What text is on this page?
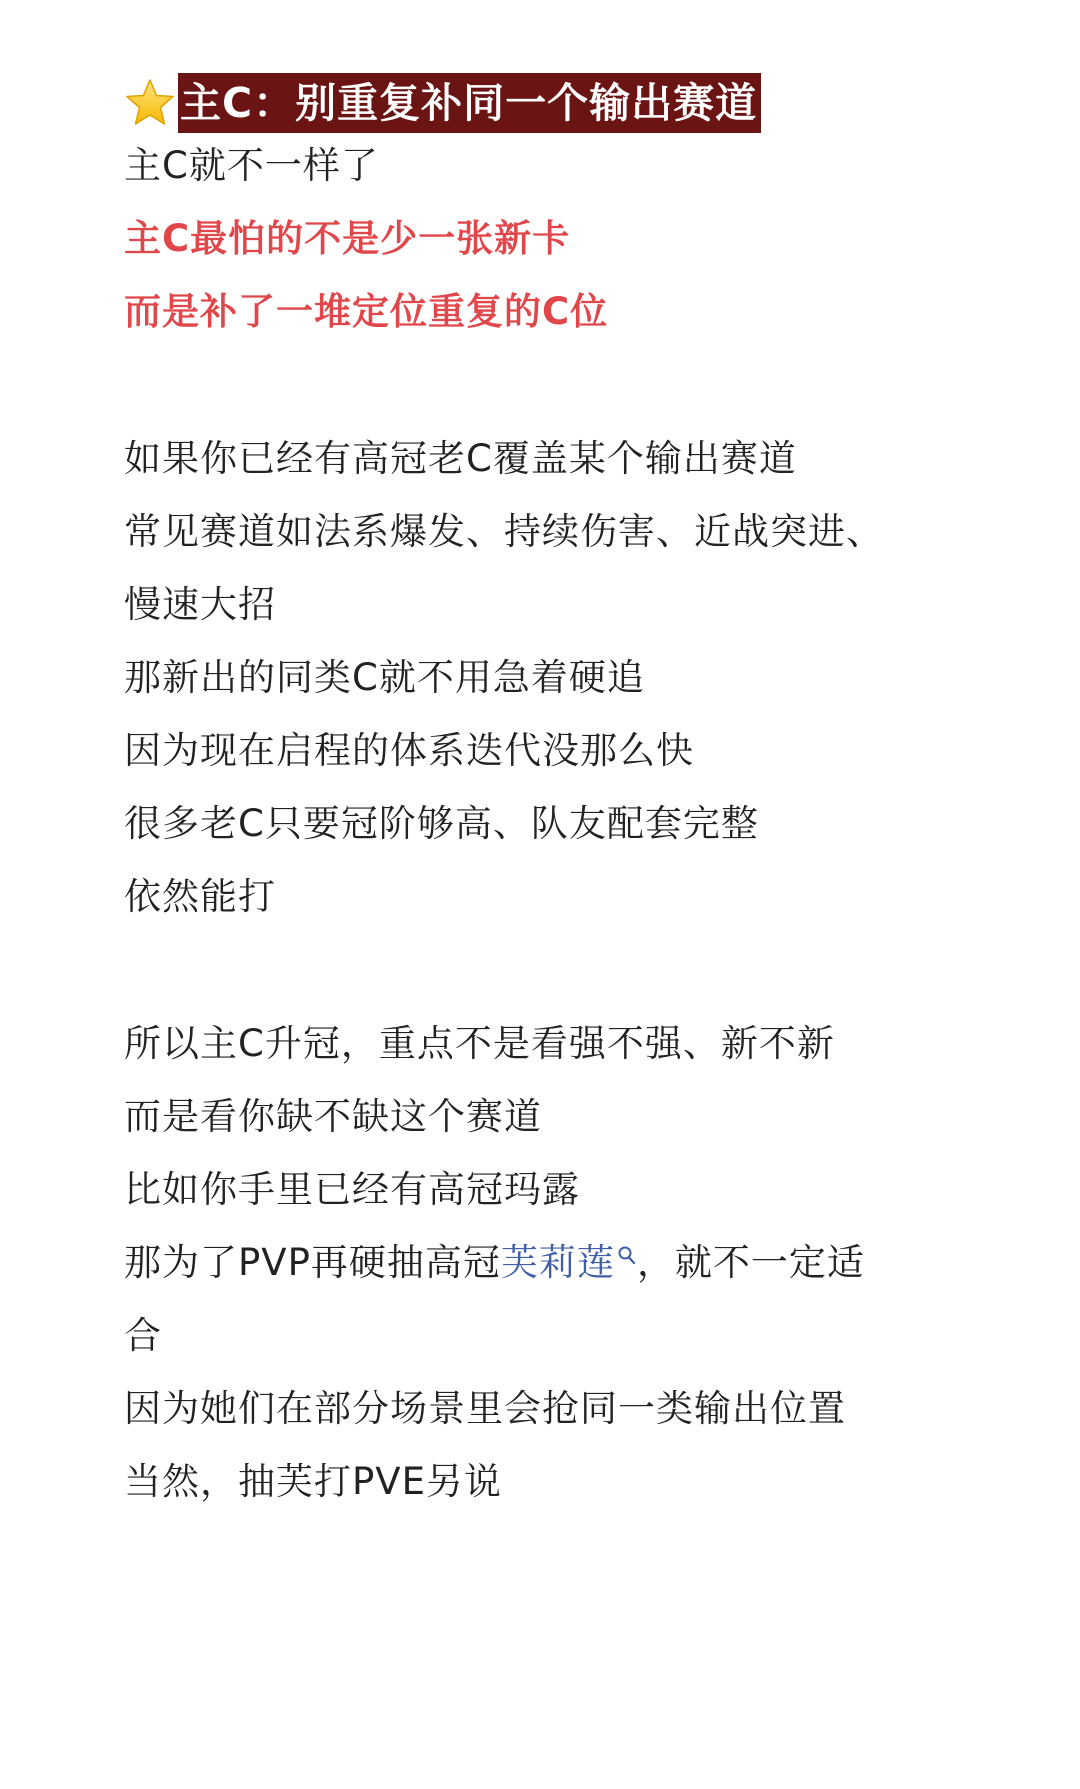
主C：别重复补同一个输出赛道
主C就不一样了
主C最怕的不是少一张新卡
而是补了一堆定位重复的C位
如果你已经有高冠老C覆盖某个输出赛道
常见赛道如法系爆发、持续伤害、近战突进、
慢速大招
那新出的同类C就不用急着硬追
因为现在启程的体系迭代没那么快
很多老C只要冠阶够高、队友配套完整
依然能打
所以主C升冠，重点不是看强不强、新不新
而是看你缺不缺这个赛道
比如你手里已经有高冠玛露
那为了PVP再硬抽高冠芙莉莲 ，就不一定适
合
因为她们在部分场景里会抢同一类输出位置
当然，抽芙打PVE另说
